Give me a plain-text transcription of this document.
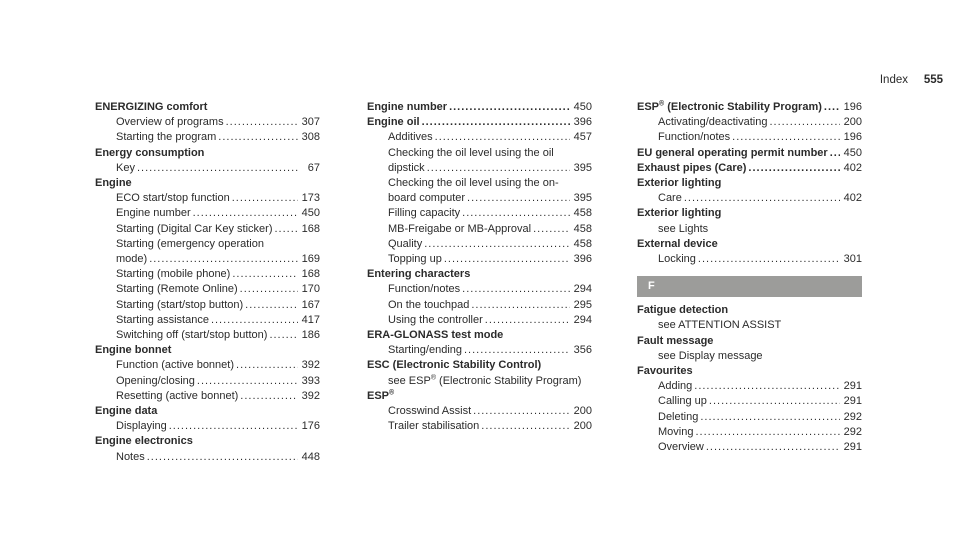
Index 555
ENERGIZING comfort
Overview of programs .....	307
Starting the program .....	308
Energy consumption
Key .....	67
Engine
ECO start/stop function .....	173
Engine number .....	450
Starting (Digital Car Key sticker) .....	168
Starting (emergency operation
mode) .....	169
Starting (mobile phone) .....	168
Starting (Remote Online) .....	170
Starting (start/stop button) .....	167
Starting assistance .....	417
Switching off (start/stop button) .....	186
Engine bonnet
Function (active bonnet) .....	392
Opening/closing .....	393
Resetting (active bonnet) .....	392
Engine data
Displaying .....	176
Engine electronics
Notes .....	448
Engine number .....	450
Engine oil .....	396
Additives .....	457
Checking the oil level using the oil
dipstick .....	395
Checking the oil level using the on-
board computer .....	395
Filling capacity .....	458
MB-Freigabe or MB-Approval .....	458
Quality .....	458
Topping up .....	396
Entering characters
Function/notes .....	294
On the touchpad .....	295
Using the controller .....	294
ERA-GLONASS test mode
Starting/ending .....	356
ESC (Electronic Stability Control)
see ESP® (Electronic Stability Program)
ESP®
Crosswind Assist .....	200
Trailer stabilisation .....	200
ESP® (Electronic Stability Program) ..... 196
Activating/deactivating .....	200
Function/notes .....	196
EU general operating permit number ..... 450
Exhaust pipes (Care) .....	402
Exterior lighting
Care .....	402
Exterior lighting
see Lights
External device
Locking .....	301
F
Fatigue detection
see ATTENTION ASSIST
Fault message
see Display message
Favourites
Adding .....	291
Calling up .....	291
Deleting .....	292
Moving .....	292
Overview .....	291
